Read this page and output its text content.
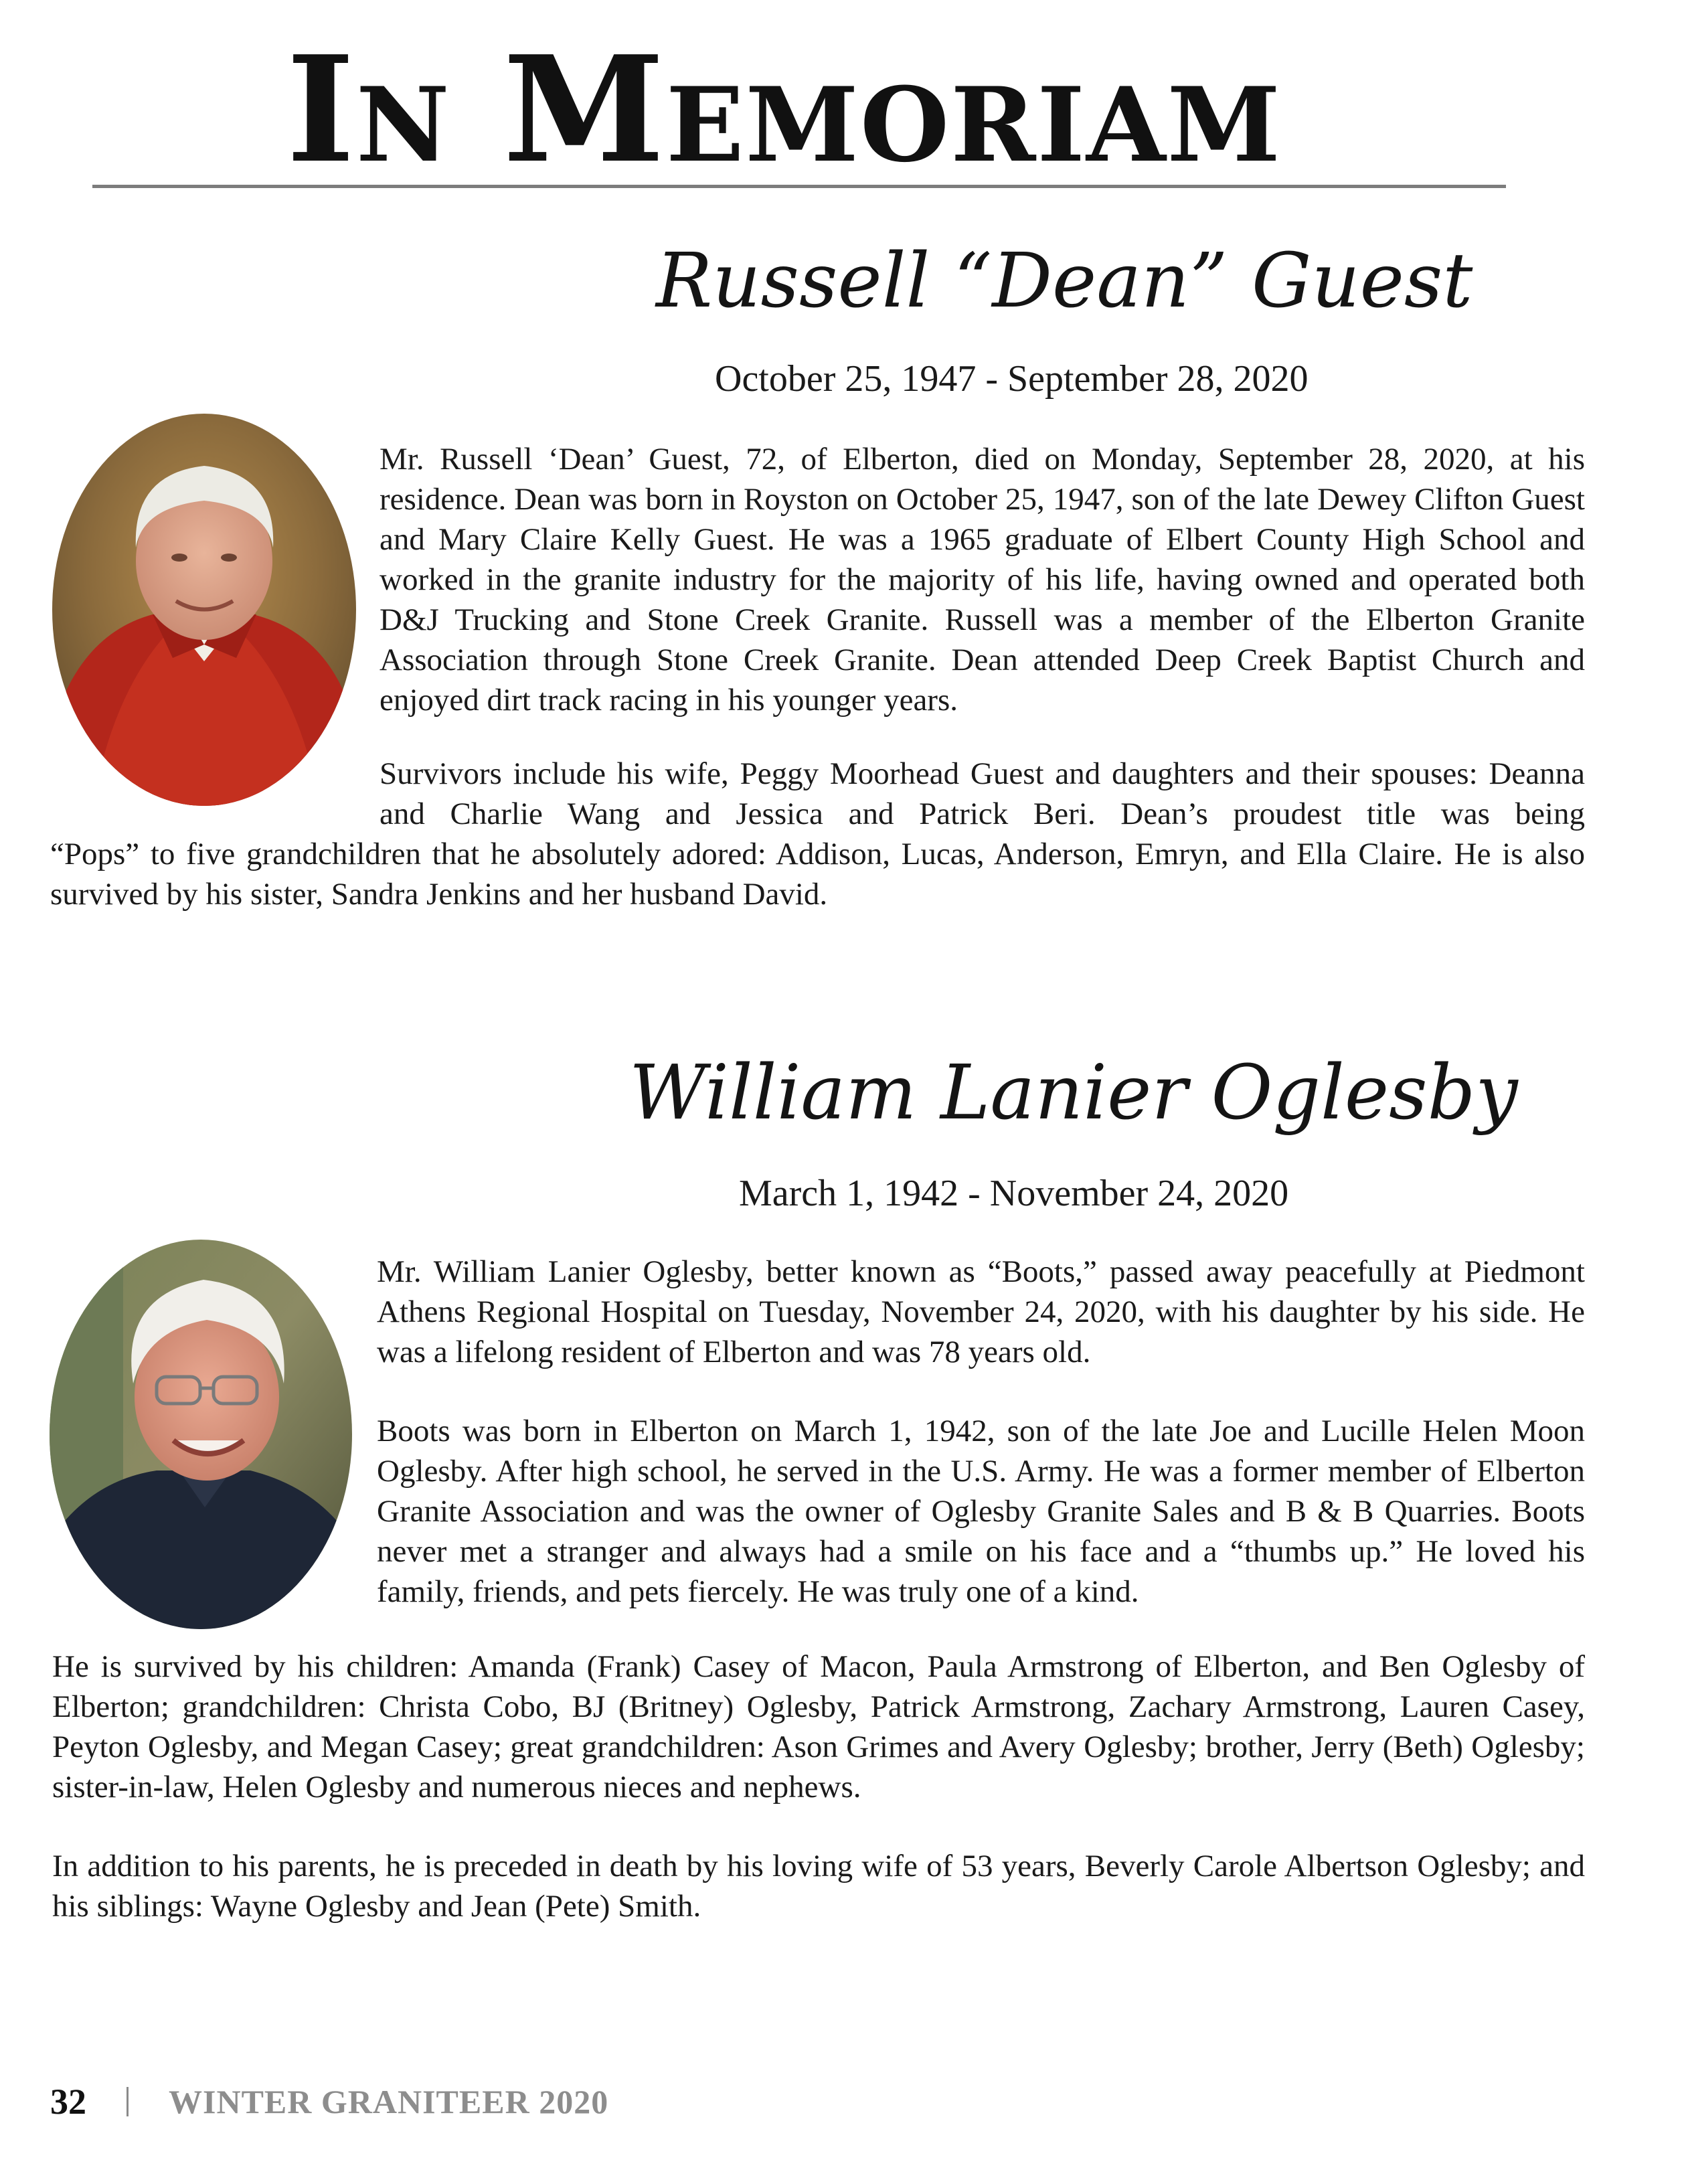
In Memoriam
Russell “Dean” Guest

October 25, 1947 - September 28, 2020

Mr. Russell ‘Dean’ Guest, 72, of Elberton, died on Monday, September 28, 2020, at his residence. Dean was born in Royston on October 25, 1947, son of the late Dewey Clifton Guest and Mary Claire Kelly Guest. He was a 1965 graduate of Elbert County High School and worked in the granite industry for the majority of his life, having owned and operated both D&J Trucking and Stone Creek Granite. Russell was a member of the Elberton Granite Association through Stone Creek Granite. Dean attended Deep Creek Baptist Church and enjoyed dirt track racing in his younger years.

Survivors include his wife, Peggy Moorhead Guest and daughters and their spouses: Deanna and Charlie Wang and Jessica and Patrick Beri. Dean’s proudest title was being

“Pops” to five grandchildren that he absolutely adored: Addison, Lucas, Anderson, Emryn, and Ella Claire. He is also survived by his sister, Sandra Jenkins and her husband David.

William Lanier Oglesby

March 1, 1942 - November 24, 2020

Mr. William Lanier Oglesby, better known as “Boots,” passed away peacefully at Piedmont Athens Regional Hospital on Tuesday, November 24, 2020, with his daughter by his side. He was a lifelong resident of Elberton and was 78 years old.

Boots was born in Elberton on March 1, 1942, son of the late Joe and Lucille Helen Moon Oglesby. After high school, he served in the U.S. Army. He was a former member of Elberton Granite Association and was the owner of Oglesby Granite Sales and B & B Quarries. Boots never met a stranger and always had a smile on his face and a “thumbs up.” He loved his family, friends, and pets fiercely. He was truly one of a kind.

He is survived by his children: Amanda (Frank) Casey of Macon, Paula Armstrong of Elberton, and Ben Oglesby of Elberton; grandchildren: Christa Cobo, BJ (Britney) Oglesby, Patrick Armstrong, Zachary Armstrong, Lauren Casey, Peyton Oglesby, and Megan Casey; great grandchildren: Ason Grimes and Avery Oglesby; brother, Jerry (Beth) Oglesby; sister-in-law, Helen Oglesby and numerous nieces and nephews.

In addition to his parents, he is preceded in death by his loving wife of 53 years, Beverly Carole Albertson Oglesby; and his siblings: Wayne Oglesby and Jean (Pete) Smith.

32 WINTER GRANITEER 2020
